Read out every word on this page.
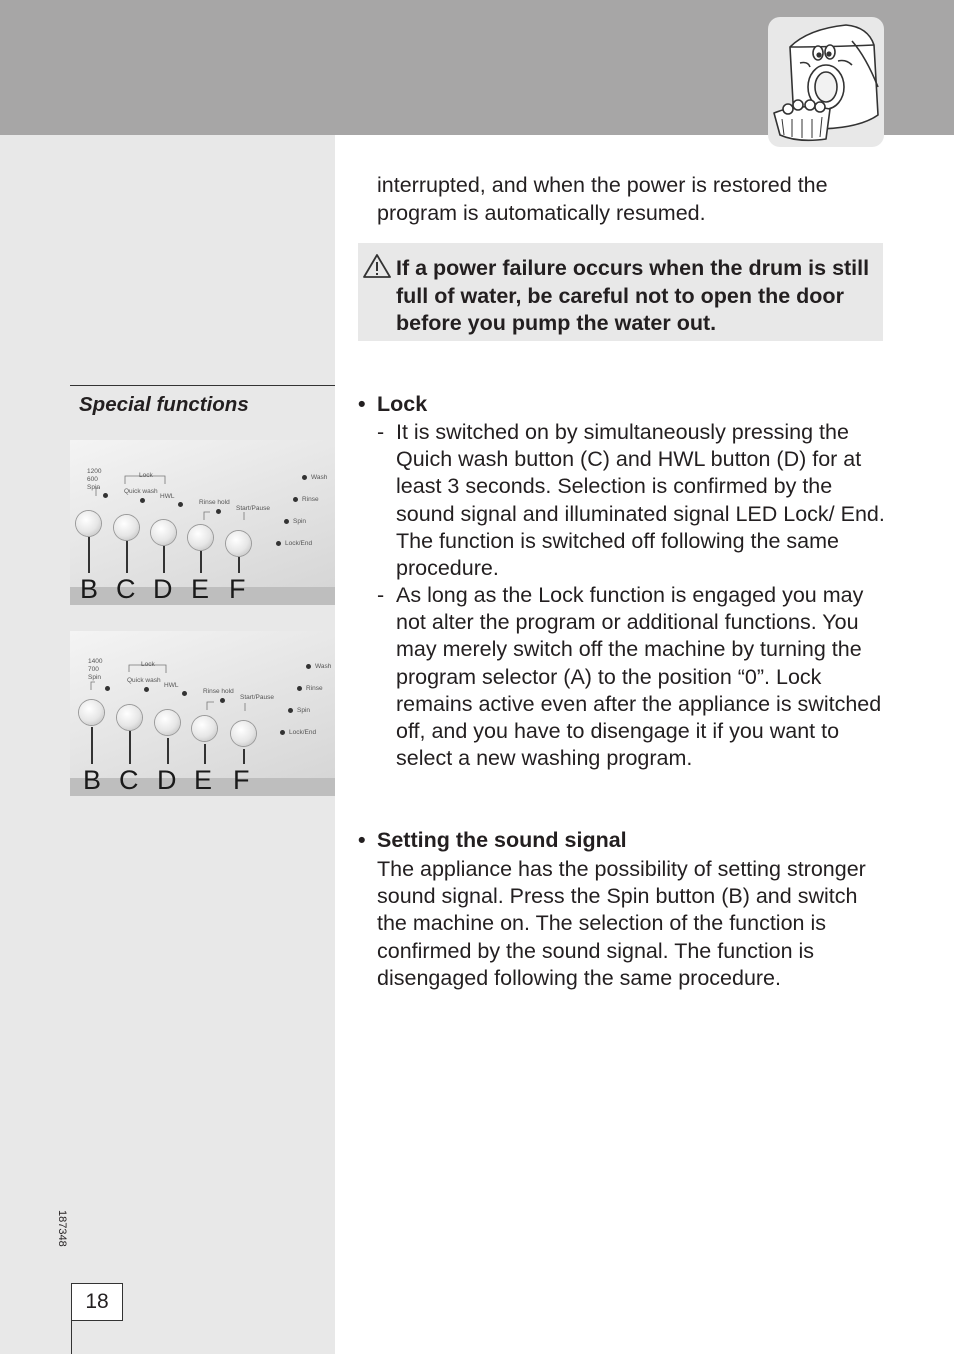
interrupted, and when the power is restored the program is automatically resumed.

If a power failure occurs when the drum is still full of water, be careful not to open the door before you pump the water out.

Special functions

1200
600
Spin
Lock
Quick wash
HWL
Rinse hold
Start/Pause
Wash
Rinse
Spin
Lock/End
B C D E F
1400
700
Spin
Lock
Quick wash
HWL
Rinse hold
Start/Pause
Wash
Rinse
Spin
Lock/End
B C D E F

• Lock

- It is switched on by simultaneously pressing the Quich wash button (C) and HWL button (D) for at least 3 seconds. Selection is confirmed by the sound signal and illuminated signal LED Lock/ End. The function is switched off following the same procedure.

- As long as the Lock function is engaged you may not alter the program or additional functions. You may merely switch off the machine by turning the program selector (A) to the position “0”. Lock remains active even after the appliance is switched off, and you have to disengage it if you want to select a new washing program.

• Setting the sound signal

The appliance has the possibility of setting stronger sound signal. Press the Spin button (B) and switch the machine on. The selection of the function is confirmed by the sound signal. The function is disengaged following the same procedure.

187348
18
